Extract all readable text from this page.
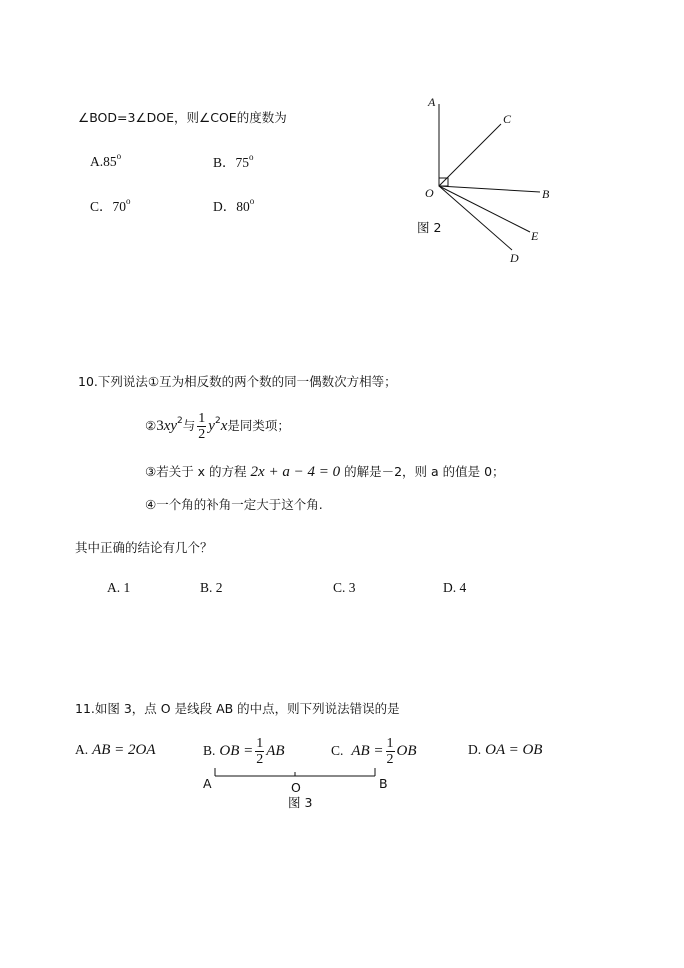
∠BOD=3∠DOE，则∠COE的度数为
A.85$^o$	B．75$^o$
C．70$^o$	D．80$^o$
A
C
O	B
E
D
图 2
10.下列说法①互为相反数的两个数的同一偶数次方相等；
$②3xy^2$与 $\frac{1}{2} y^2x$是同类项；
③若关于 x 的方程 2x + a − 4 = 0 的解是－2，则 a 的值是 0；
④一个角的补角一定大于这个角.
其中正确的结论有几个？
A. 1	B. 2	C. 3	D. 4
11.如图 3，点 O 是线段 AB 的中点，则下列说法错误的是
A. AB = 2OA	B. OB = $\frac{1}{2}$ AB	C. AB = $\frac{1}{2}$ OB	D. OA = OB
A	O	B
图 3
